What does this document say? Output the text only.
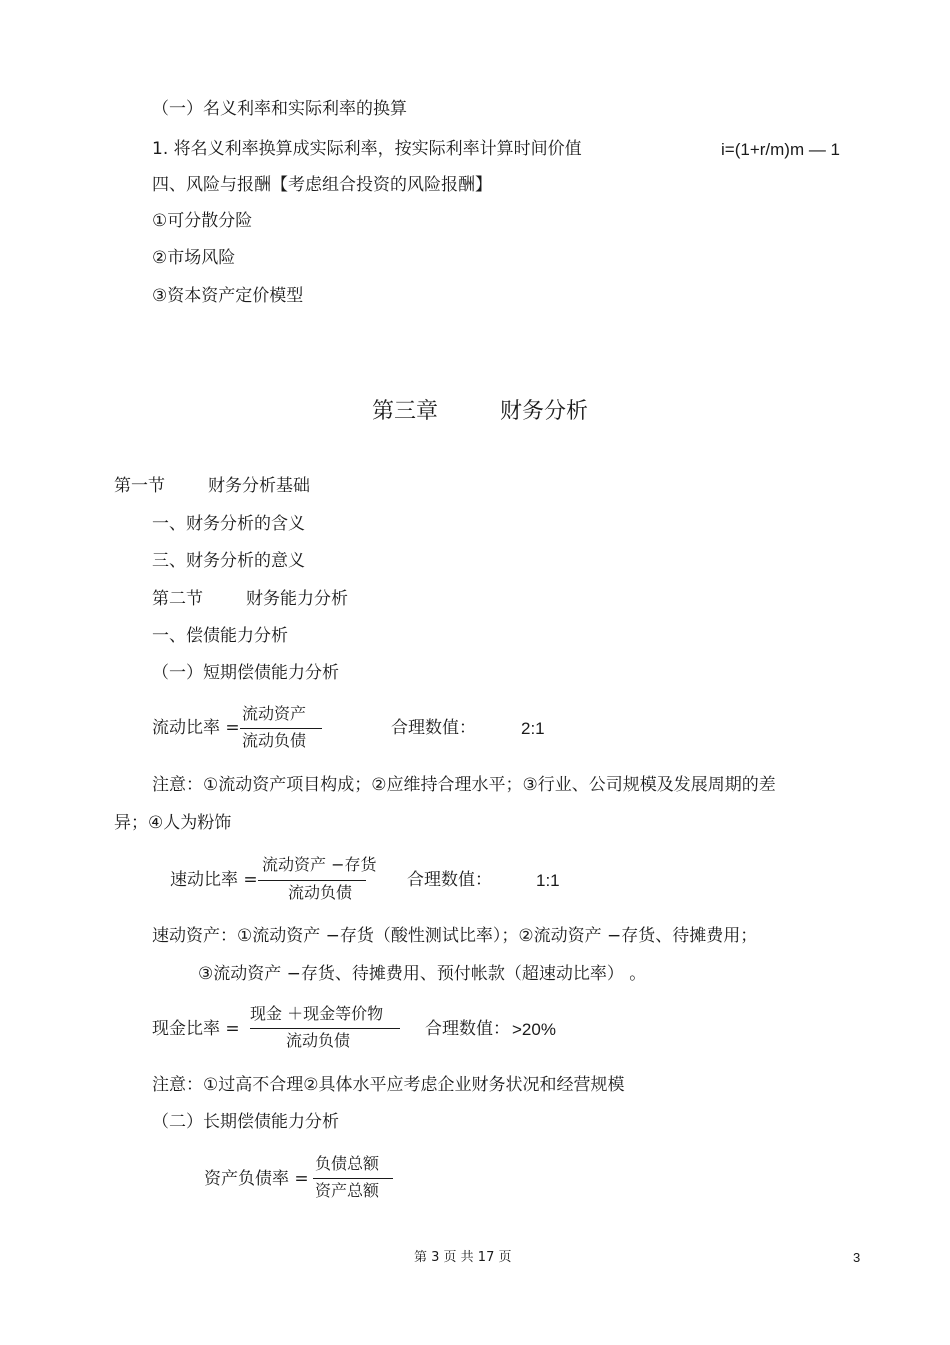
（一）名义利率和实际利率的换算
1. 将名义利率换算成实际利率，按实际利率计算时间价值	i=(1+r/m)m — 1
四、风险与报酬【考虑组合投资的风险报酬】
①可分散分险
②市场风险
③资本资产定价模型
第三章	财务分析
第一节	财务分析基础
一、财务分析的含义
三、财务分析的意义
第二节	财务能力分析
一、偿债能力分析
（一）短期偿债能力分析
流动比率 =
流动资产
流动负债
合理数值：	2:1
注意：①流动资产项目构成；②应维持合理水平；③行业、公司规模及发展周期的差
异；④人为粉饰
速动比率 =
流动资产 −存货
流动负债
合理数值：	1:1
速动资产：①流动资产 −存货（酸性测试比率）；②流动资产 −存货、待摊费用；
③流动资产 −存货、待摊费用、预付帐款（超速动比率） 。
现金比率 =
现金 ＋现金等价物
流动负债
合理数值： >20%
注意：①过高不合理②具体水平应考虑企业财务状况和经营规模
（二）长期偿债能力分析
资产负债率 =
负债总额
资产总额
第 3 页 共 17 页	3
